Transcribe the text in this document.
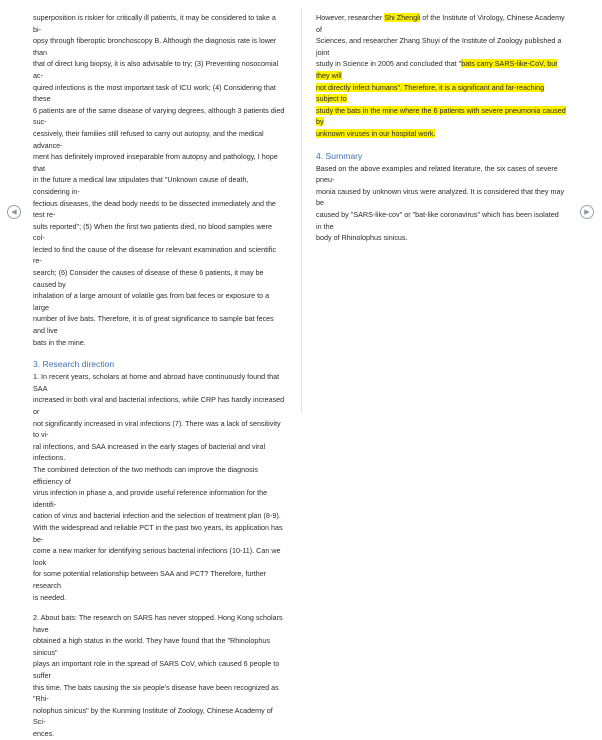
superposition is riskier for critically ill patients, it may be considered to take a bi-

opsy through fiberoptic bronchoscopy B. Although the diagnosis rate is lower than

that of direct lung biopsy, it is also advisable to try; (3) Preventing nosocomial ac-

quired infections is the most important task of ICU work; (4) Considering that these

6 patients are of the same disease of varying degrees, although 3 patients died suc-

cessively, their families still refused to carry out autopsy, and the medical advance-

ment has definitely improved inseparable from autopsy and pathology, I hope that

in the future a medical law stipulates that "Unknown cause of death, considering in-

fectious diseases, the dead body needs to be dissected immediately and the test re-

sults reported"; (5) When the first two patients died, no blood samples were col-

lected to find the cause of the disease for relevant examination and scientific re-

search; (6) Consider the causes of disease of these 6 patients, it may be caused by

inhalation of a large amount of volatile gas from bat feces or exposure to a large

number of live bats. Therefore, it is of great significance to sample bat feces and live

bats in the mine.

3. Research direction

1. In recent years, scholars at home and abroad have continuously found that SAA

increased in both viral and bacterial infections, while CRP has hardly increased or

not significantly increased in viral infections (7). There was a lack of sensitivity to vi-

ral infections, and SAA increased in the early stages of bacterial and viral infections.

The combined detection of the two methods can improve the diagnosis efficiency of

virus infection in phase a, and provide useful reference information for the identifi-

cation of virus and bacterial infection and the selection of treatment plan (8-9).

With the widespread and reliable PCT in the past two years, its application has be-

come a new marker for identifying serious bacterial infections (10-11). Can we look

for some potential relationship between SAA and PCT? Therefore, further research

is needed.

2. About bats: The research on SARS has never stopped. Hong Kong scholars have

obtained a high status in the world. They have found that the "Rhinolophus sinicus"

plays an important role in the spread of SARS CoV, which caused 6 people to suffer

this time. The bats causing the six people's disease have been recognized as "Rhi-

nolophus sinicus" by the Kunming Institute of Zoology, Chinese Academy of Sci-

ences.

However, researcher Shi Zhengli of the Institute of Virology, Chinese Academy of

Sciences, and researcher Zhang Shuyi of the Institute of Zoology published a joint

study in Science in 2005 and concluded that "bats carry SARS-like-CoV, but they will

not directly infect humans". Therefore, it is a significant and far-reaching subject to

study the bats in the mine where the 6 patients with severe pneumonia caused by

unknown viruses in our hospital work.

4. Summary

Based on the above examples and related literature, the six cases of severe pneu-

monia caused by unknown virus were analyzed. It is considered that they may be

caused by "SARS-like-cov" or "bat-like coronavirus" which has been isolated in the

body of Rhinolophus sinicus.

◀	▶
